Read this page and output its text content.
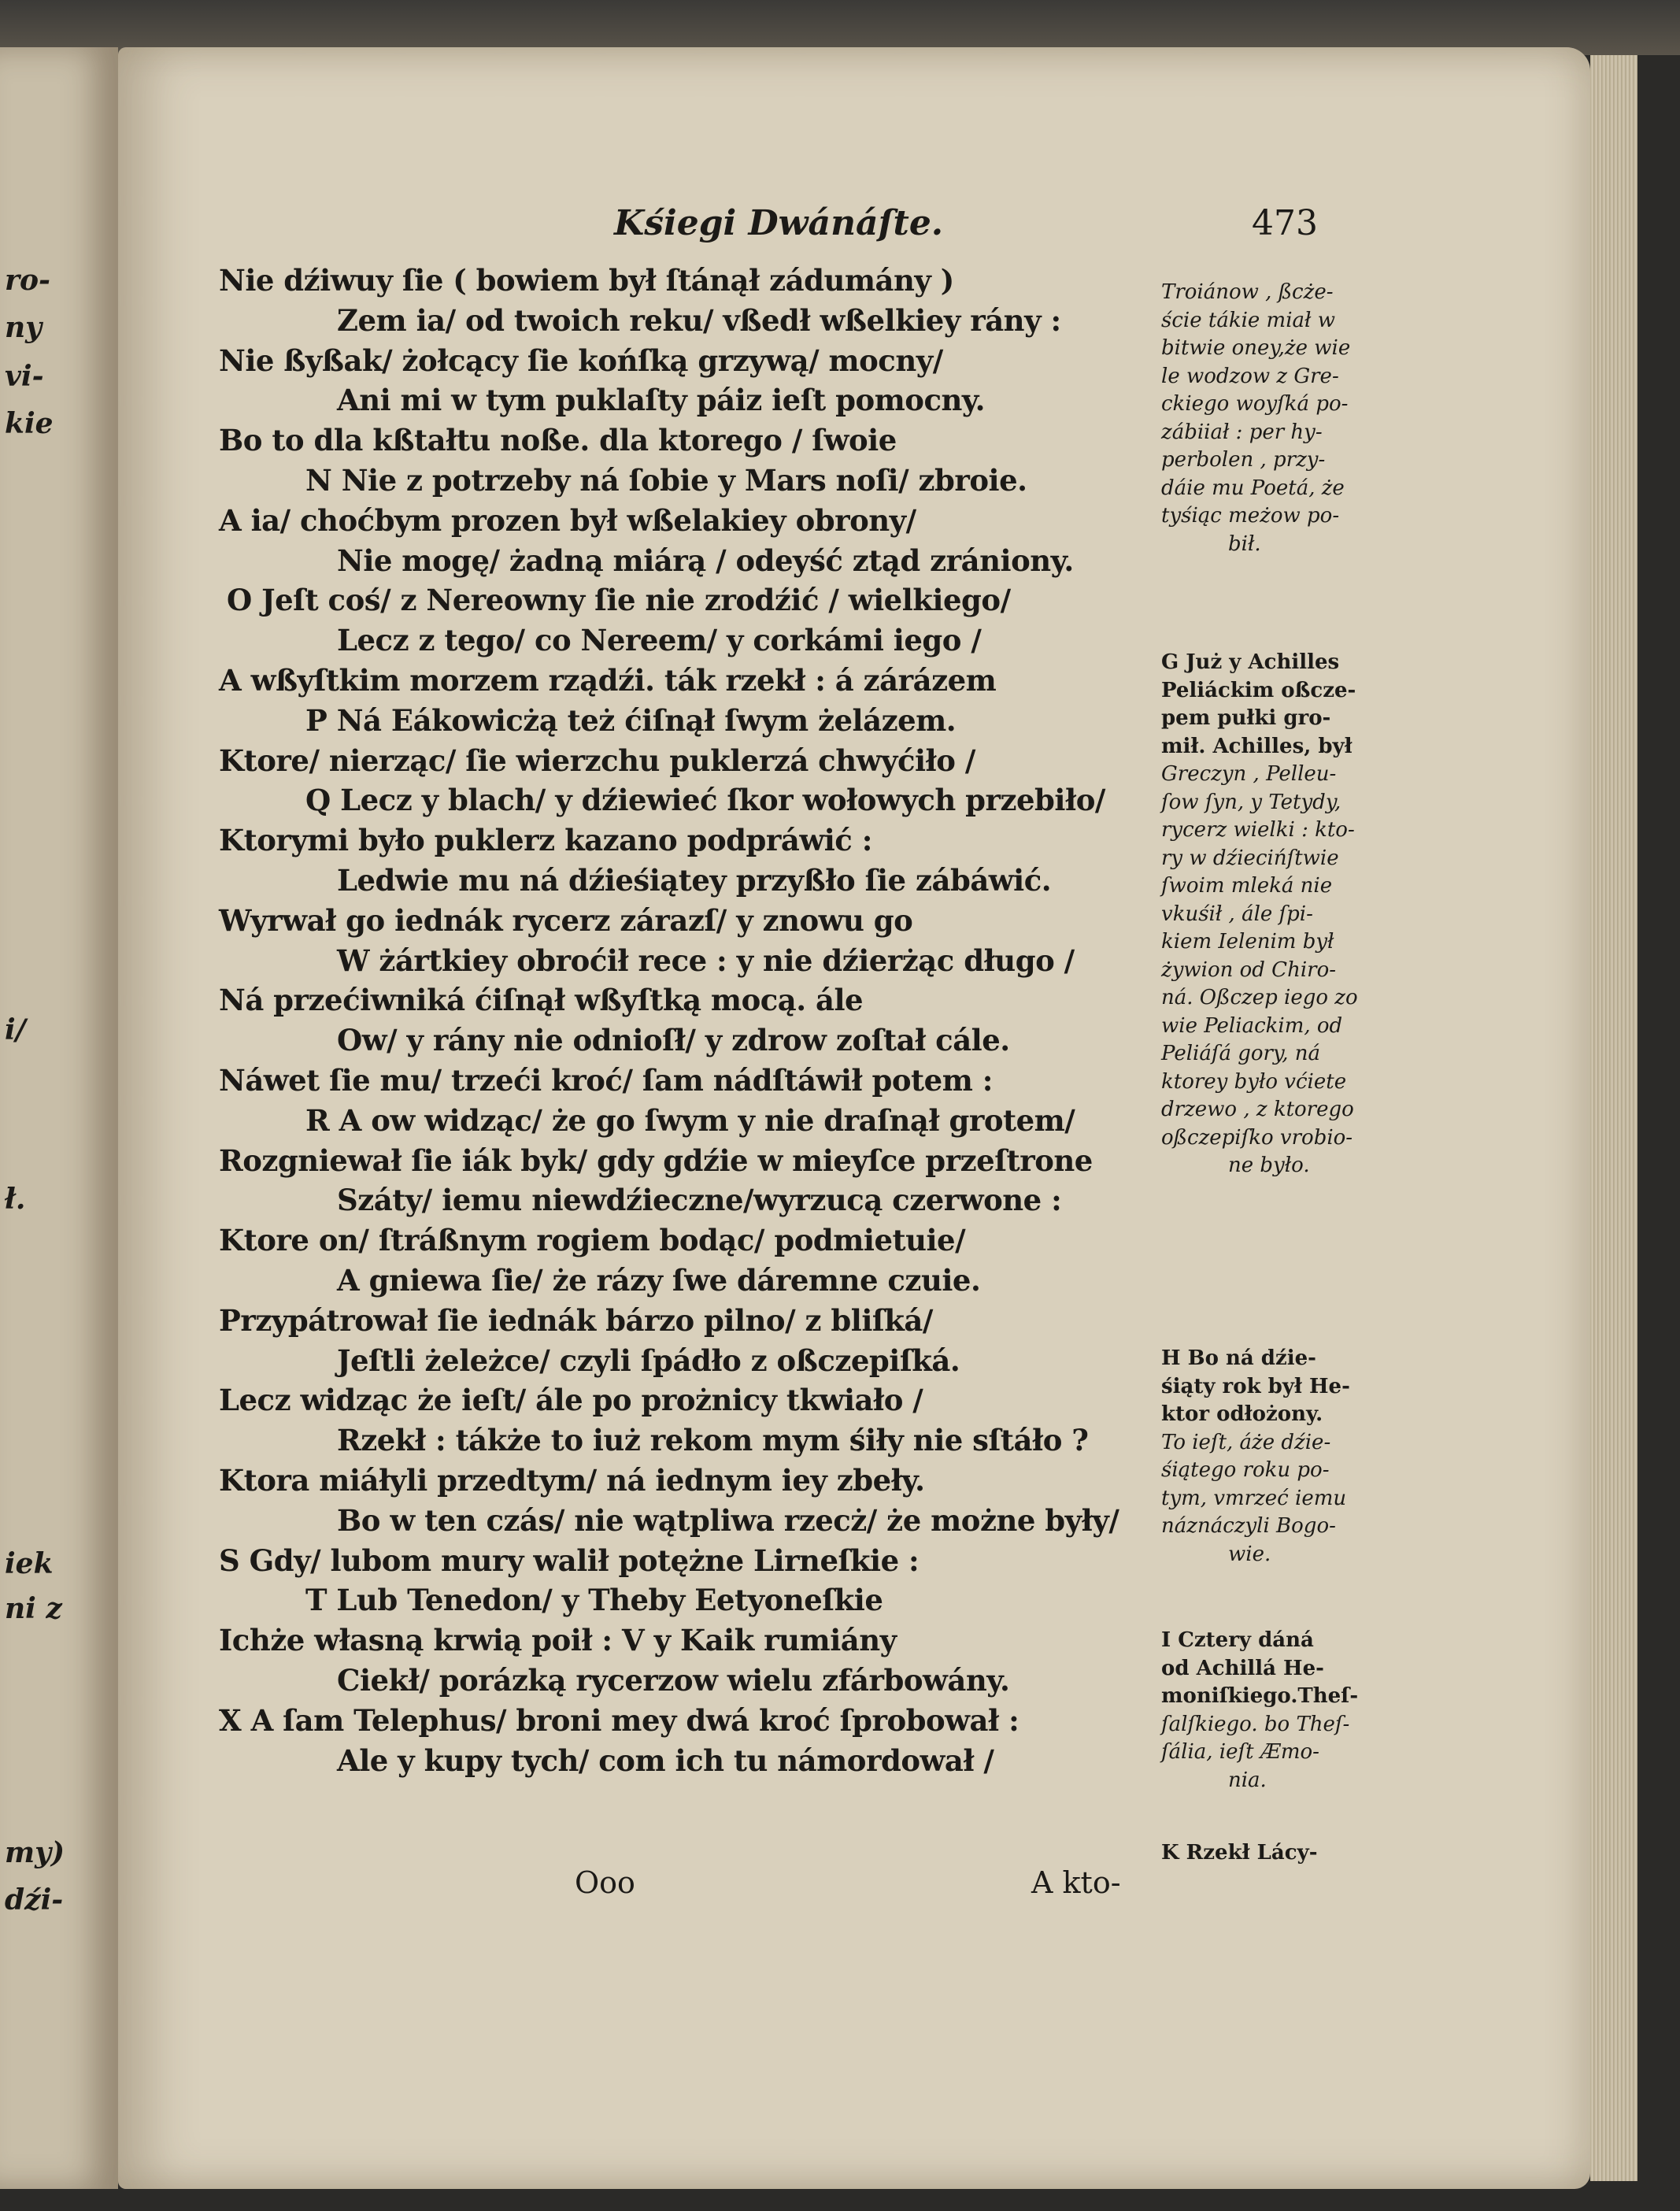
ro-
ny
vi-
kie
i/
ł.
iek
ni z
my)
dźi-
Kśiegi Dwánáſte.	473
Nie dźiwuy ſie ( bowiem był ſtánął zádumány )
Zem ia/ od twoich reku/ vßedł wßelkiey rány :
Nie ßyßak/ żołcący ſie końſką grzywą/ mocny/
Ani mi w tym puklaſty páiz ieſt pomocny.
Bo to dla kßtałtu noße. dla ktorego / ſwoie
N Nie z potrzeby ná ſobie y Mars noſi/ zbroie.
A ia/ choćbym prozen był wßelakiey obrony/
Nie mogę/ żadną miárą / odeyść ztąd zrániony.
O Jeſt coś/ z Nereowny ſie nie zrodźić / wielkiego/
Lecz z tego/ co Nereem/ y corkámi iego /
A wßyſtkim morzem rządźi. ták rzekł : á zárázem
P Ná Eákowicżą też ćiſnął ſwym żelázem.
Ktore/ nierząc/ ſie wierzchu puklerzá chwyćiło /
Q Lecz y blach/ y dźiewieć ſkor wołowych przebiło/
Ktorymi było puklerz kazano podpráwić :
Ledwie mu ná dźieśiątey przyßło ſie zábáwić.
Wyrwał go iednák rycerz zárazſ/ y znowu go
W żártkiey obroćił rece : y nie dźierżąc długo /
Ná przećiwniká ćiſnął wßyſtką mocą. ále
Ow/ y rány nie odnioſł/ y zdrow zoſtał cále.
Náwet ſie mu/ trzeći kroć/ ſam nádſtáwił potem :
R A ow widząc/ że go ſwym y nie draſnął grotem/
Rozgniewał ſie iák byk/ gdy gdźie w mieyſce przeſtrone
Száty/ iemu niewdźieczne/wyrzucą czerwone :
Ktore on/ ſtráßnym rogiem bodąc/ podmietuie/
A gniewa ſie/ że rázy ſwe dáremne czuie.
Przypátrował ſie iednák bárzo pilno/ z bliſká/
Jeſtli żeleżce/ czyli ſpádło z oßczepiſká.
Lecz widząc że ieſt/ ále po prożnicy tkwiało /
Rzekł : tákże to iuż rekom mym śiły nie sſtáło ?
Ktora miáłyli przedtym/ ná iednym iey zbeły.
Bo w ten czás/ nie wątpliwa rzecż/ że możne były/
S Gdy/ lubom mury walił potężne Lirneſkie :
T Lub Tenedon/ y Theby Eetyoneſkie
Ichże własną krwią poił : V y Kaik rumiány
Ciekł/ porázką rycerzow wielu zfárbowány.
X A ſam Telephus/ broni mey dwá kroć ſprobował :
Ale y kupy tych/ com ich tu námordował /
Troiánow , ßcże-
ście tákie miał w
bitwie oney,że wie
le wodzow z Gre-
ckiego woyſká po-
zábiiał : per hy-
perbolen , przy-
dáie mu Poetá, że
tyśiąc meżow po-
bił.
G Już y Achilles
Peliáckim oßcze-
pem pułki gro-
mił. Achilles, był
Greczyn , Pelleu-
ſow ſyn, y Tetydy,
rycerz wielki : kto-
ry w dźiecińſtwie
ſwoim mleká nie
vkuśił , ále ſpi-
kiem Ielenim był
żywion od Chiro-
ná. Oßczep iego zo
wie Peliackim, od
Peliáſá gory, ná
ktorey było vćiete
drzewo , z ktorego
oßczepiſko vrobio-
ne było.
H Bo ná dźie-
śiąty rok był He-
ktor odłożony.
To ieſt, áże dźie-
śiątego roku po-
tym, vmrzeć iemu
náznáczyli Bogo-
wie.
I Cztery dáná
od Achillá He-
moniſkiego.Theſ-
ſalſkiego. bo Theſ-
ſália, ieſt Æmo-
nia.
K Rzekł Lácy-
Ooo	A kto-
